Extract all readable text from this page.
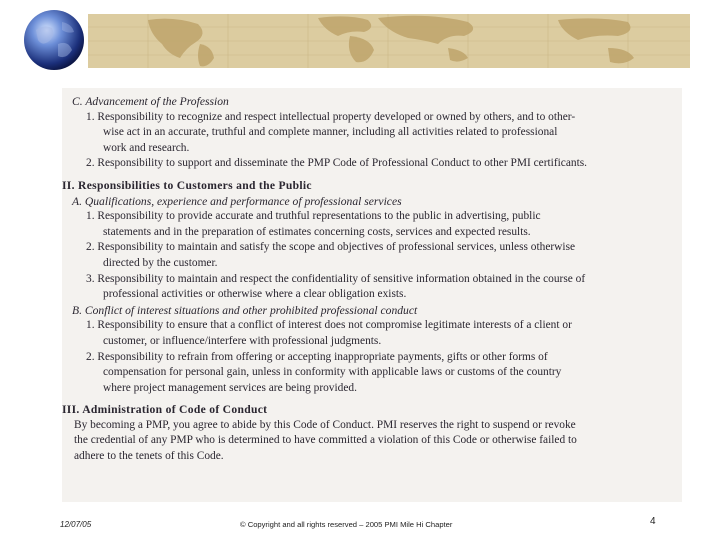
C. Advancement of the Profession
1. Responsibility to recognize and respect intellectual property developed or owned by others, and to other-
wise act in an accurate, truthful and complete manner, including all activities related to professional
work and research.
2. Responsibility to support and disseminate the PMP Code of Professional Conduct to other PMI certificants.
II. Responsibilities to Customers and the Public
A. Qualifications, experience and performance of professional services
1. Responsibility to provide accurate and truthful representations to the public in advertising, public
statements and in the preparation of estimates concerning costs, services and expected results.
2. Responsibility to maintain and satisfy the scope and objectives of professional services, unless otherwise
directed by the customer.
3. Responsibility to maintain and respect the confidentiality of sensitive information obtained in the course of
professional activities or otherwise where a clear obligation exists.
B. Conflict of interest situations and other prohibited professional conduct
1. Responsibility to ensure that a conflict of interest does not compromise legitimate interests of a client or
customer, or influence/interfere with professional judgments.
2. Responsibility to refrain from offering or accepting inappropriate payments, gifts or other forms of
compensation for personal gain, unless in conformity with applicable laws or customs of the country
where project management services are being provided.
III. Administration of Code of Conduct
By becoming a PMP, you agree to abide by this Code of Conduct. PMI reserves the right to suspend or revoke
the credential of any PMP who is determined to have committed a violation of this Code or otherwise failed to
adhere to the tenets of this Code.
12/07/05	© Copyright and all rights reserved – 2005 PMI Mile Hi Chapter	4
